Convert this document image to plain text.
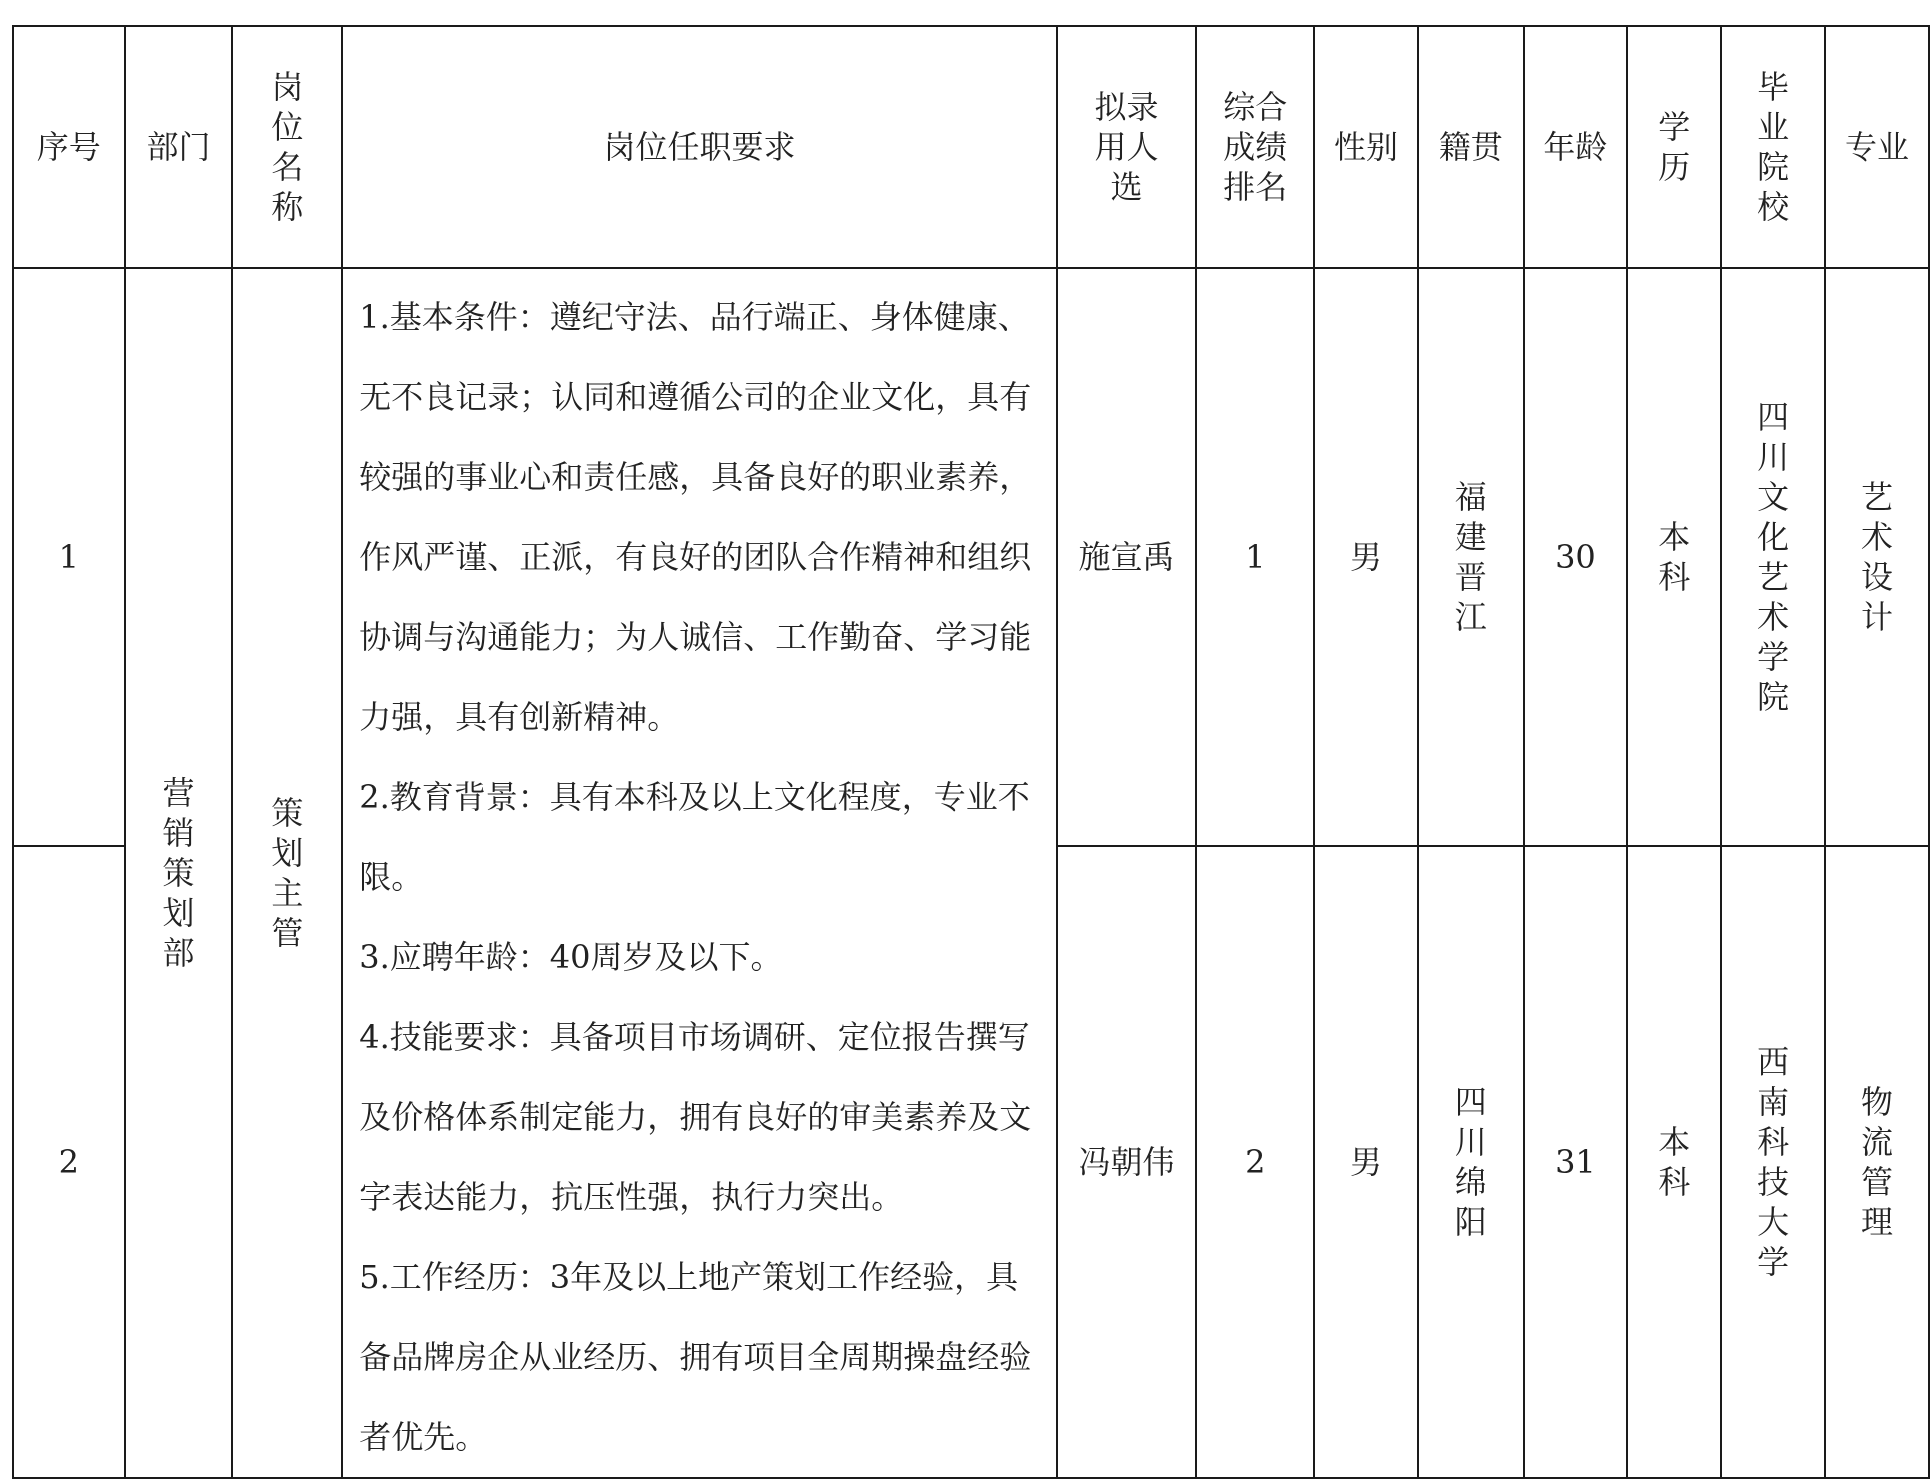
序号	部门	岗位名称	岗位任职要求	拟录用人选	综合成绩排名	性别	籍贯	年龄	学历	毕业院校	专业
1	营销策划部	策划主管	1.基本条件：遵纪守法、品行端正、身体健康、无不良记录；认同和遵循公司的企业文化，具有较强的事业心和责任感，具备良好的职业素养，作风严谨、正派，有良好的团队合作精神和组织协调与沟通能力；为人诚信、工作勤奋、学习能力强，具有创新精神。
2.教育背景：具有本科及以上文化程度，专业不限。
3.应聘年龄：40周岁及以下。
4.技能要求：具备项目市场调研、定位报告撰写及价格体系制定能力，拥有良好的审美素养及文字表达能力，抗压性强，执行力突出。
5.工作经历：3年及以上地产策划工作经验，具备品牌房企从业经历、拥有项目全周期操盘经验者优先。	施宣禹	1	男	福建晋江	30	本科	四川文化艺术学院	艺术设计
2				冯朝伟	2	男	四川绵阳	31	本科	西南科技大学	物流管理
